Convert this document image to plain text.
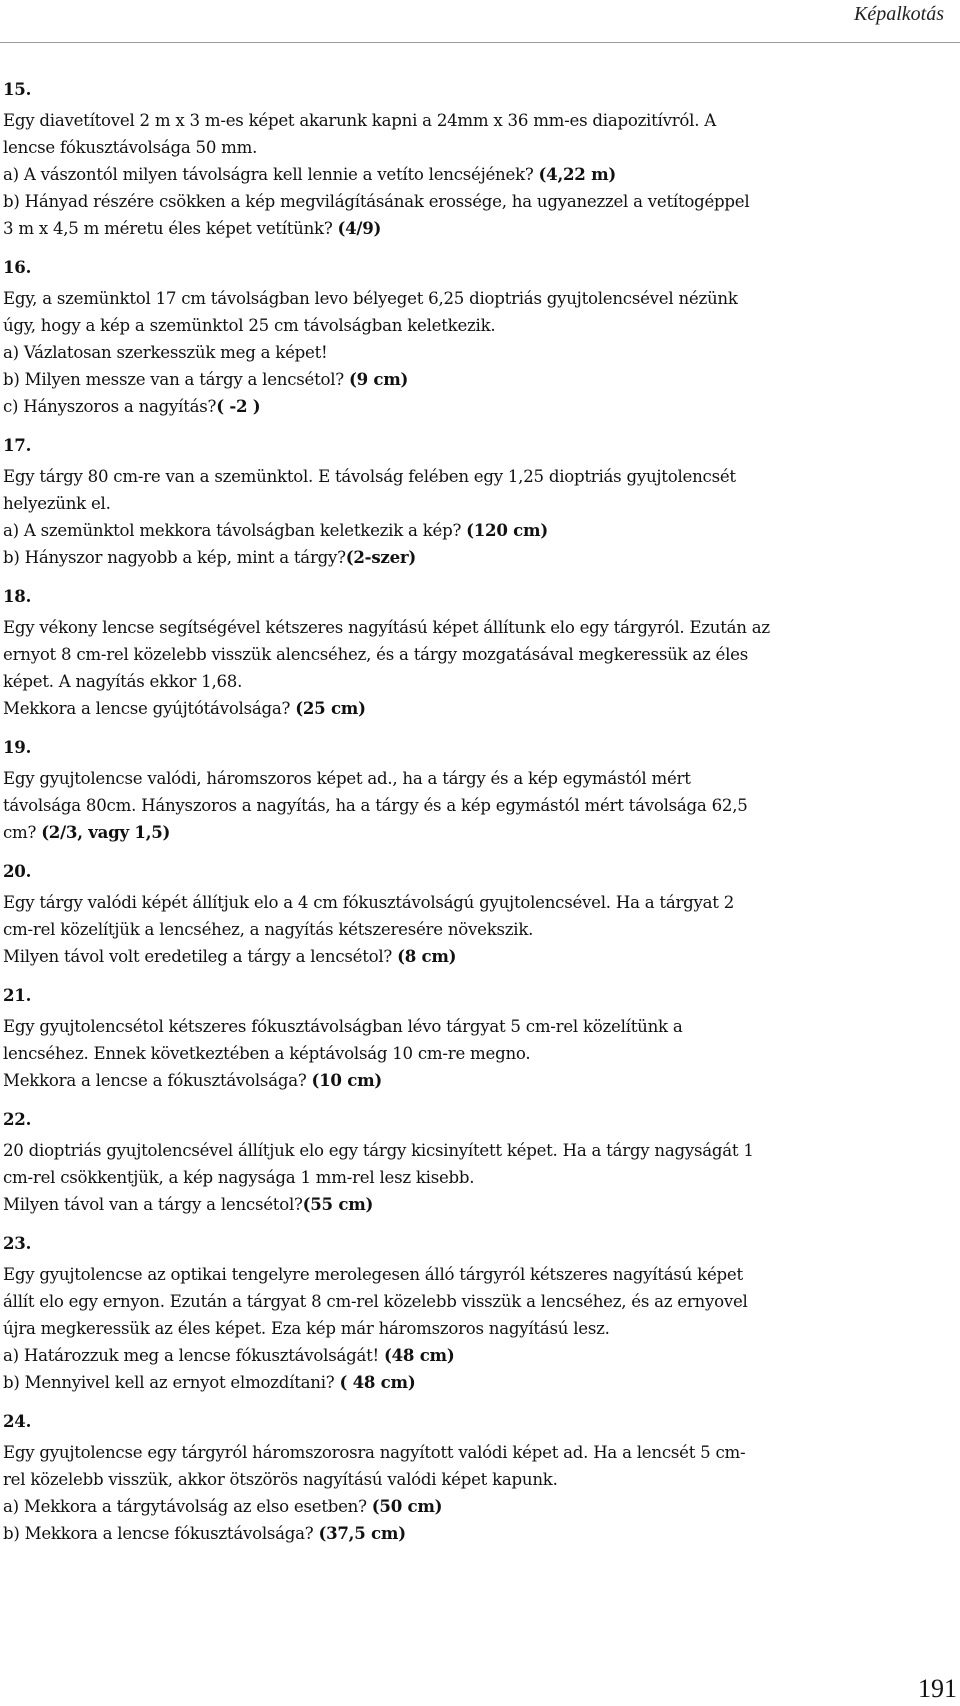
Képalkotás
15.
Egy diavetítovel 2 m x 3 m-es képet akarunk kapni a 24mm x 36 mm-es diapozitívról. A
lencse fókusztávolsága 50 mm.
a) A vászontól milyen távolságra kell lennie a vetíto lencséjének? (4,22 m)
b) Hányad részére csökken a kép megvilágításának erossége, ha ugyanezzel a vetítogéppel
3 m x 4,5 m méretu éles képet vetítünk? (4/9)
16.
Egy, a szemünktol 17 cm távolságban levo bélyeget 6,25 dioptriás gyujtolencsével nézünk
úgy, hogy a kép a szemünktol 25 cm távolságban keletkezik.
a) Vázlatosan szerkesszük meg a képet!
b) Milyen messze van a tárgy a lencsétol? (9 cm)
c) Hányszoros a nagyítás?( -2 )
17.
Egy tárgy 80 cm-re van a szemünktol. E távolság felében egy 1,25 dioptriás gyujtolencsét
helyezünk el.
a) A szemünktol mekkora távolságban keletkezik a kép? (120 cm)
b) Hányszor nagyobb a kép, mint a tárgy?(2-szer)
18.
Egy vékony lencse segítségével kétszeres nagyítású képet állítunk elo egy tárgyról. Ezután az
ernyot 8 cm-rel közelebb visszük alencséhez, és a tárgy mozgatásával megkeressük az éles
képet. A nagyítás ekkor 1,68.
Mekkora a lencse gyújtótávolsága? (25 cm)
19.
Egy gyujtolencse valódi, háromszoros képet ad., ha a tárgy és a kép egymástól mért
távolsága 80cm. Hányszoros a nagyítás, ha a tárgy és a kép egymástól mért távolsága 62,5
cm? (2/3, vagy 1,5)
20.
Egy tárgy valódi képét állítjuk elo a 4 cm fókusztávolságú gyujtolencsével. Ha a tárgyat 2
cm-rel közelítjük a lencséhez, a nagyítás kétszeresére növekszik.
Milyen távol volt eredetileg a tárgy a lencsétol? (8 cm)
21.
Egy gyujtolencsétol kétszeres fókusztávolságban lévo tárgyat 5 cm-rel közelítünk a
lencséhez. Ennek következtében a képtávolság 10 cm-re megno.
Mekkora a lencse a fókusztávolsága? (10 cm)
22.
20 dioptriás gyujtolencsével állítjuk elo egy tárgy kicsinyített képet. Ha a tárgy nagyságát 1
cm-rel csökkentjük, a kép nagysága 1 mm-rel lesz kisebb.
Milyen távol van a tárgy a lencsétol?(55 cm)
23.
Egy gyujtolencse az optikai tengelyre merolegesen álló tárgyról kétszeres nagyítású képet
állít elo egy ernyon. Ezután a tárgyat 8 cm-rel közelebb visszük a lencséhez, és az ernyovel
újra megkeressük az éles képet. Eza kép már háromszoros nagyítású lesz.
a) Határozzuk meg a lencse fókusztávolságát! (48 cm)
b) Mennyivel kell az ernyot elmozdítani? ( 48 cm)
24.
Egy gyujtolencse egy tárgyról háromszorosra nagyított valódi képet ad. Ha a lencsét 5 cm-
rel közelebb visszük, akkor ötszörös nagyítású valódi képet kapunk.
a) Mekkora a tárgytávolság az elso esetben? (50 cm)
b) Mekkora a lencse fókusztávolsága? (37,5 cm)
191
